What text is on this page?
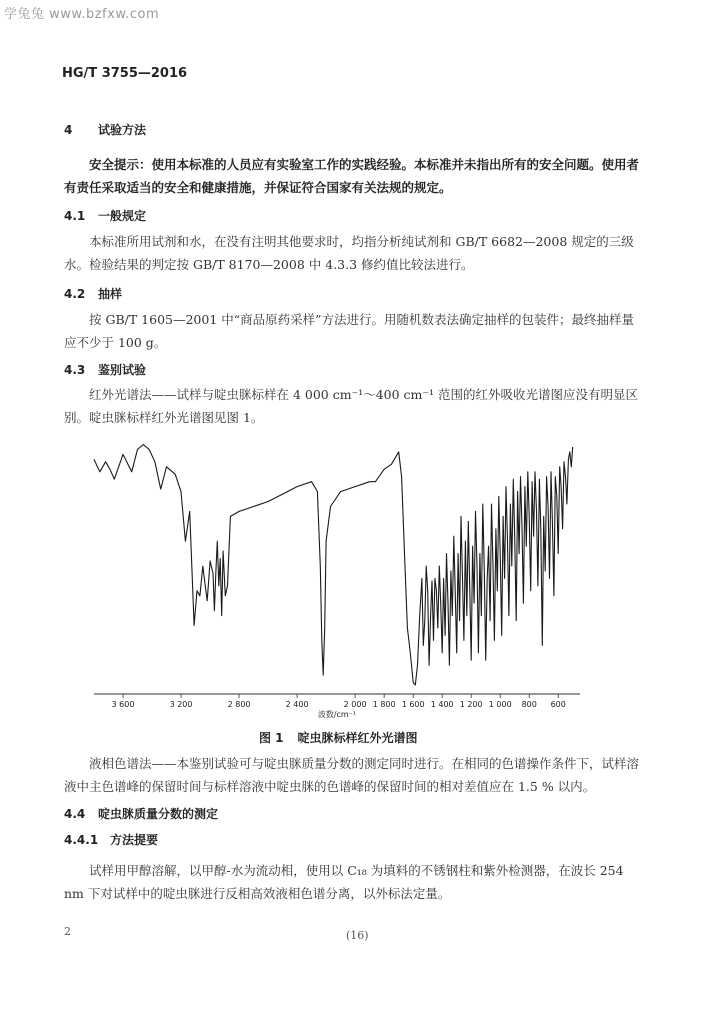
学兔兔 www.bzfxw.com
HG/T 3755—2016
4 试验方法
安全提示：使用本标准的人员应有实验室工作的实践经验。本标准并未指出所有的安全问题。使用者有责任采取适当的安全和健康措施，并保证符合国家有关法规的规定。
4.1 一般规定
本标准所用试剂和水，在没有注明其他要求时，均指分析纯试剂和 GB/T 6682—2008 规定的三级水。检验结果的判定按 GB/T 8170—2008 中 4.3.3 修约值比较法进行。
4.2 抽样
按 GB/T 1605—2001 中“商品原药采样”方法进行。用随机数表法确定抽样的包装件；最终抽样量应不少于 100 g。
4.3 鉴别试验
红外光谱法——试样与啶虫脒标样在 4 000 cm⁻¹～400 cm⁻¹ 范围的红外吸收光谱图应没有明显区别。啶虫脒标样红外光谱图见图 1。
3 600	3 200	2 800	2 400	2 000 1 800 1 600 1 400 1 200 1 000 800 600
波数/cm⁻¹
图 1 啶虫脒标样红外光谱图
液相色谱法——本鉴别试验可与啶虫脒质量分数的测定同时进行。在相同的色谱操作条件下，试样溶液中主色谱峰的保留时间与标样溶液中啶虫脒的色谱峰的保留时间的相对差值应在 1.5 % 以内。
4.4 啶虫脒质量分数的测定
4.4.1 方法提要
试样用甲醇溶解，以甲醇-水为流动相，使用以 C₁₈ 为填料的不锈钢柱和紫外检测器，在波长 254 nm 下对试样中的啶虫脒进行反相高效液相色谱分离，以外标法定量。
2	(16)
